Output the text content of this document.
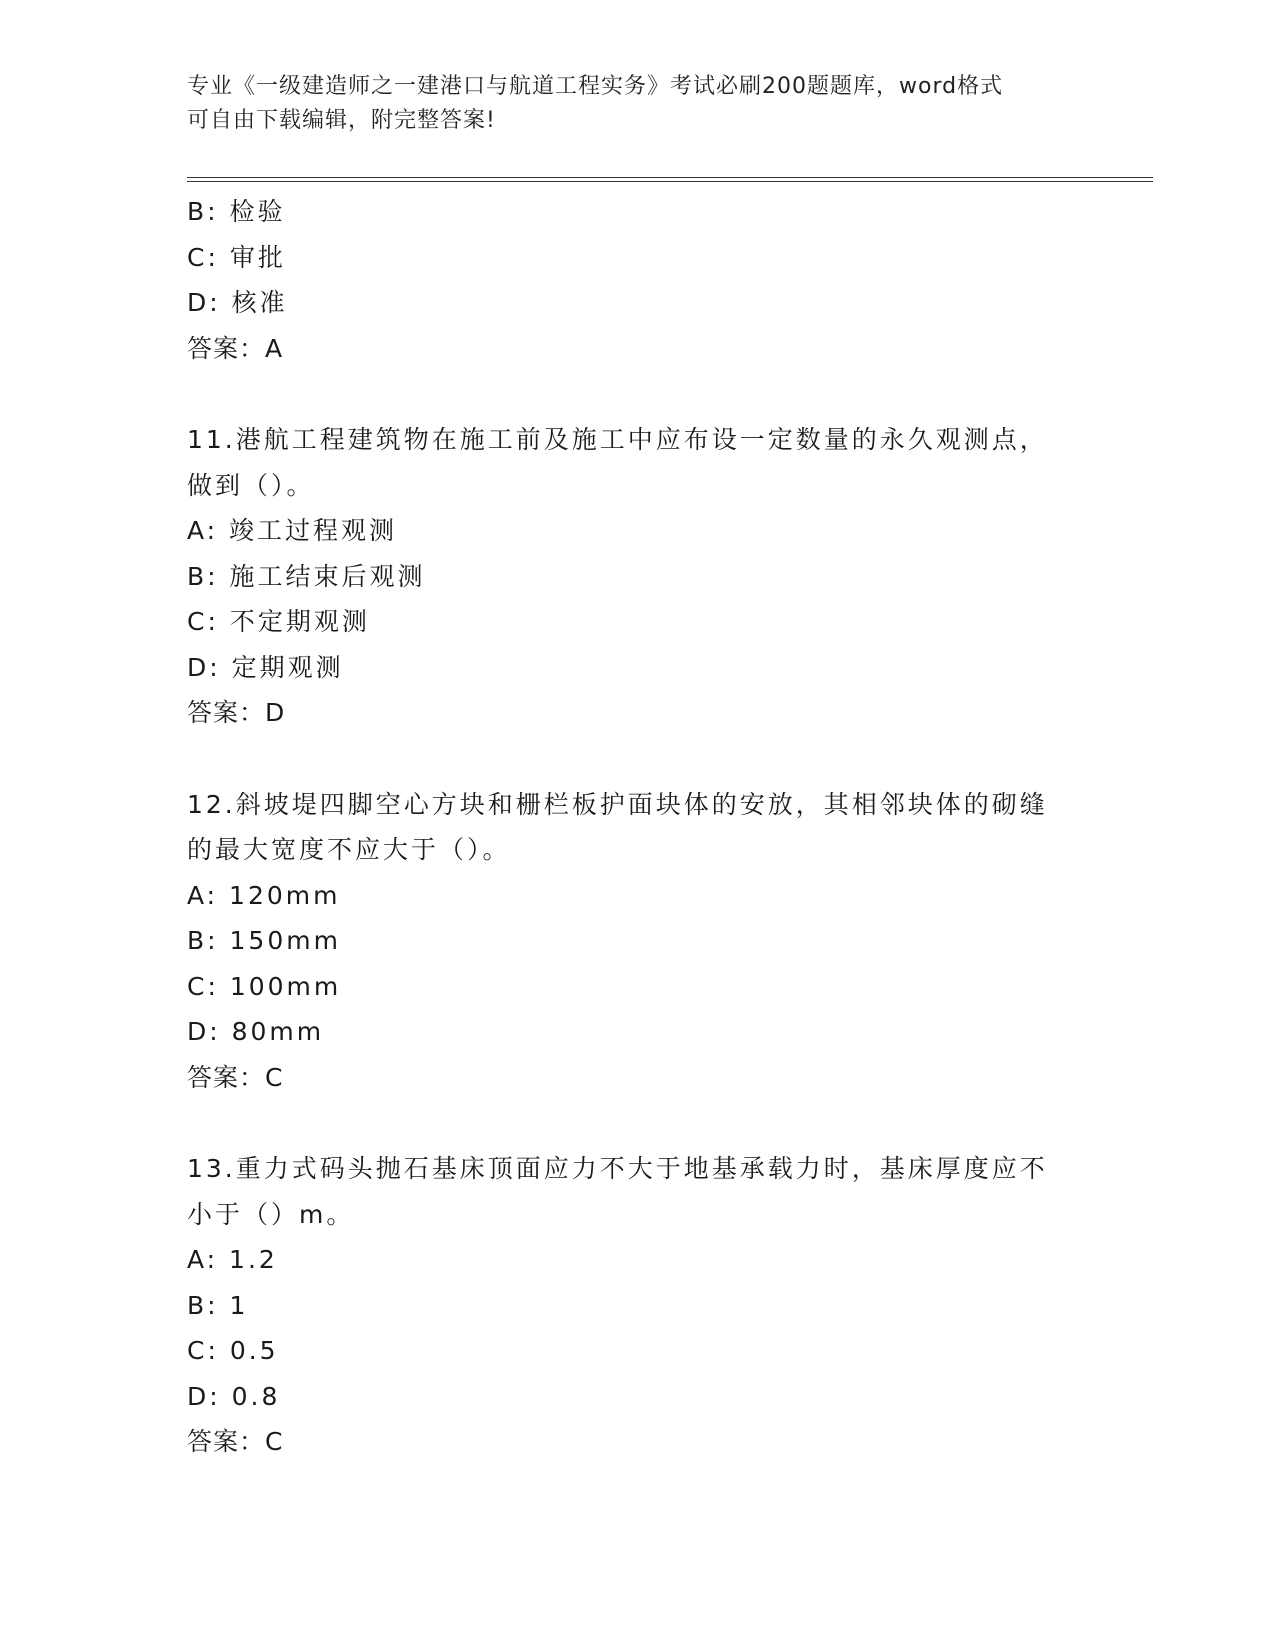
专业《一级建造师之一建港口与航道工程实务》考试必刷200题题库，word格式
可自由下载编辑，附完整答案!
B: 检验
C: 审批
D: 核准
答案：A
11.港航工程建筑物在施工前及施工中应布设一定数量的永久观测点，
做到（）。
A: 竣工过程观测
B: 施工结束后观测
C: 不定期观测
D: 定期观测
答案：D
12.斜坡堤四脚空心方块和栅栏板护面块体的安放，其相邻块体的砌缝
的最大宽度不应大于（）。
A: 120mm
B: 150mm
C: 100mm
D: 80mm
答案：C
13.重力式码头抛石基床顶面应力不大于地基承载力时，基床厚度应不
小于（）m。
A: 1.2
B: 1
C: 0.5
D: 0.8
答案：C
